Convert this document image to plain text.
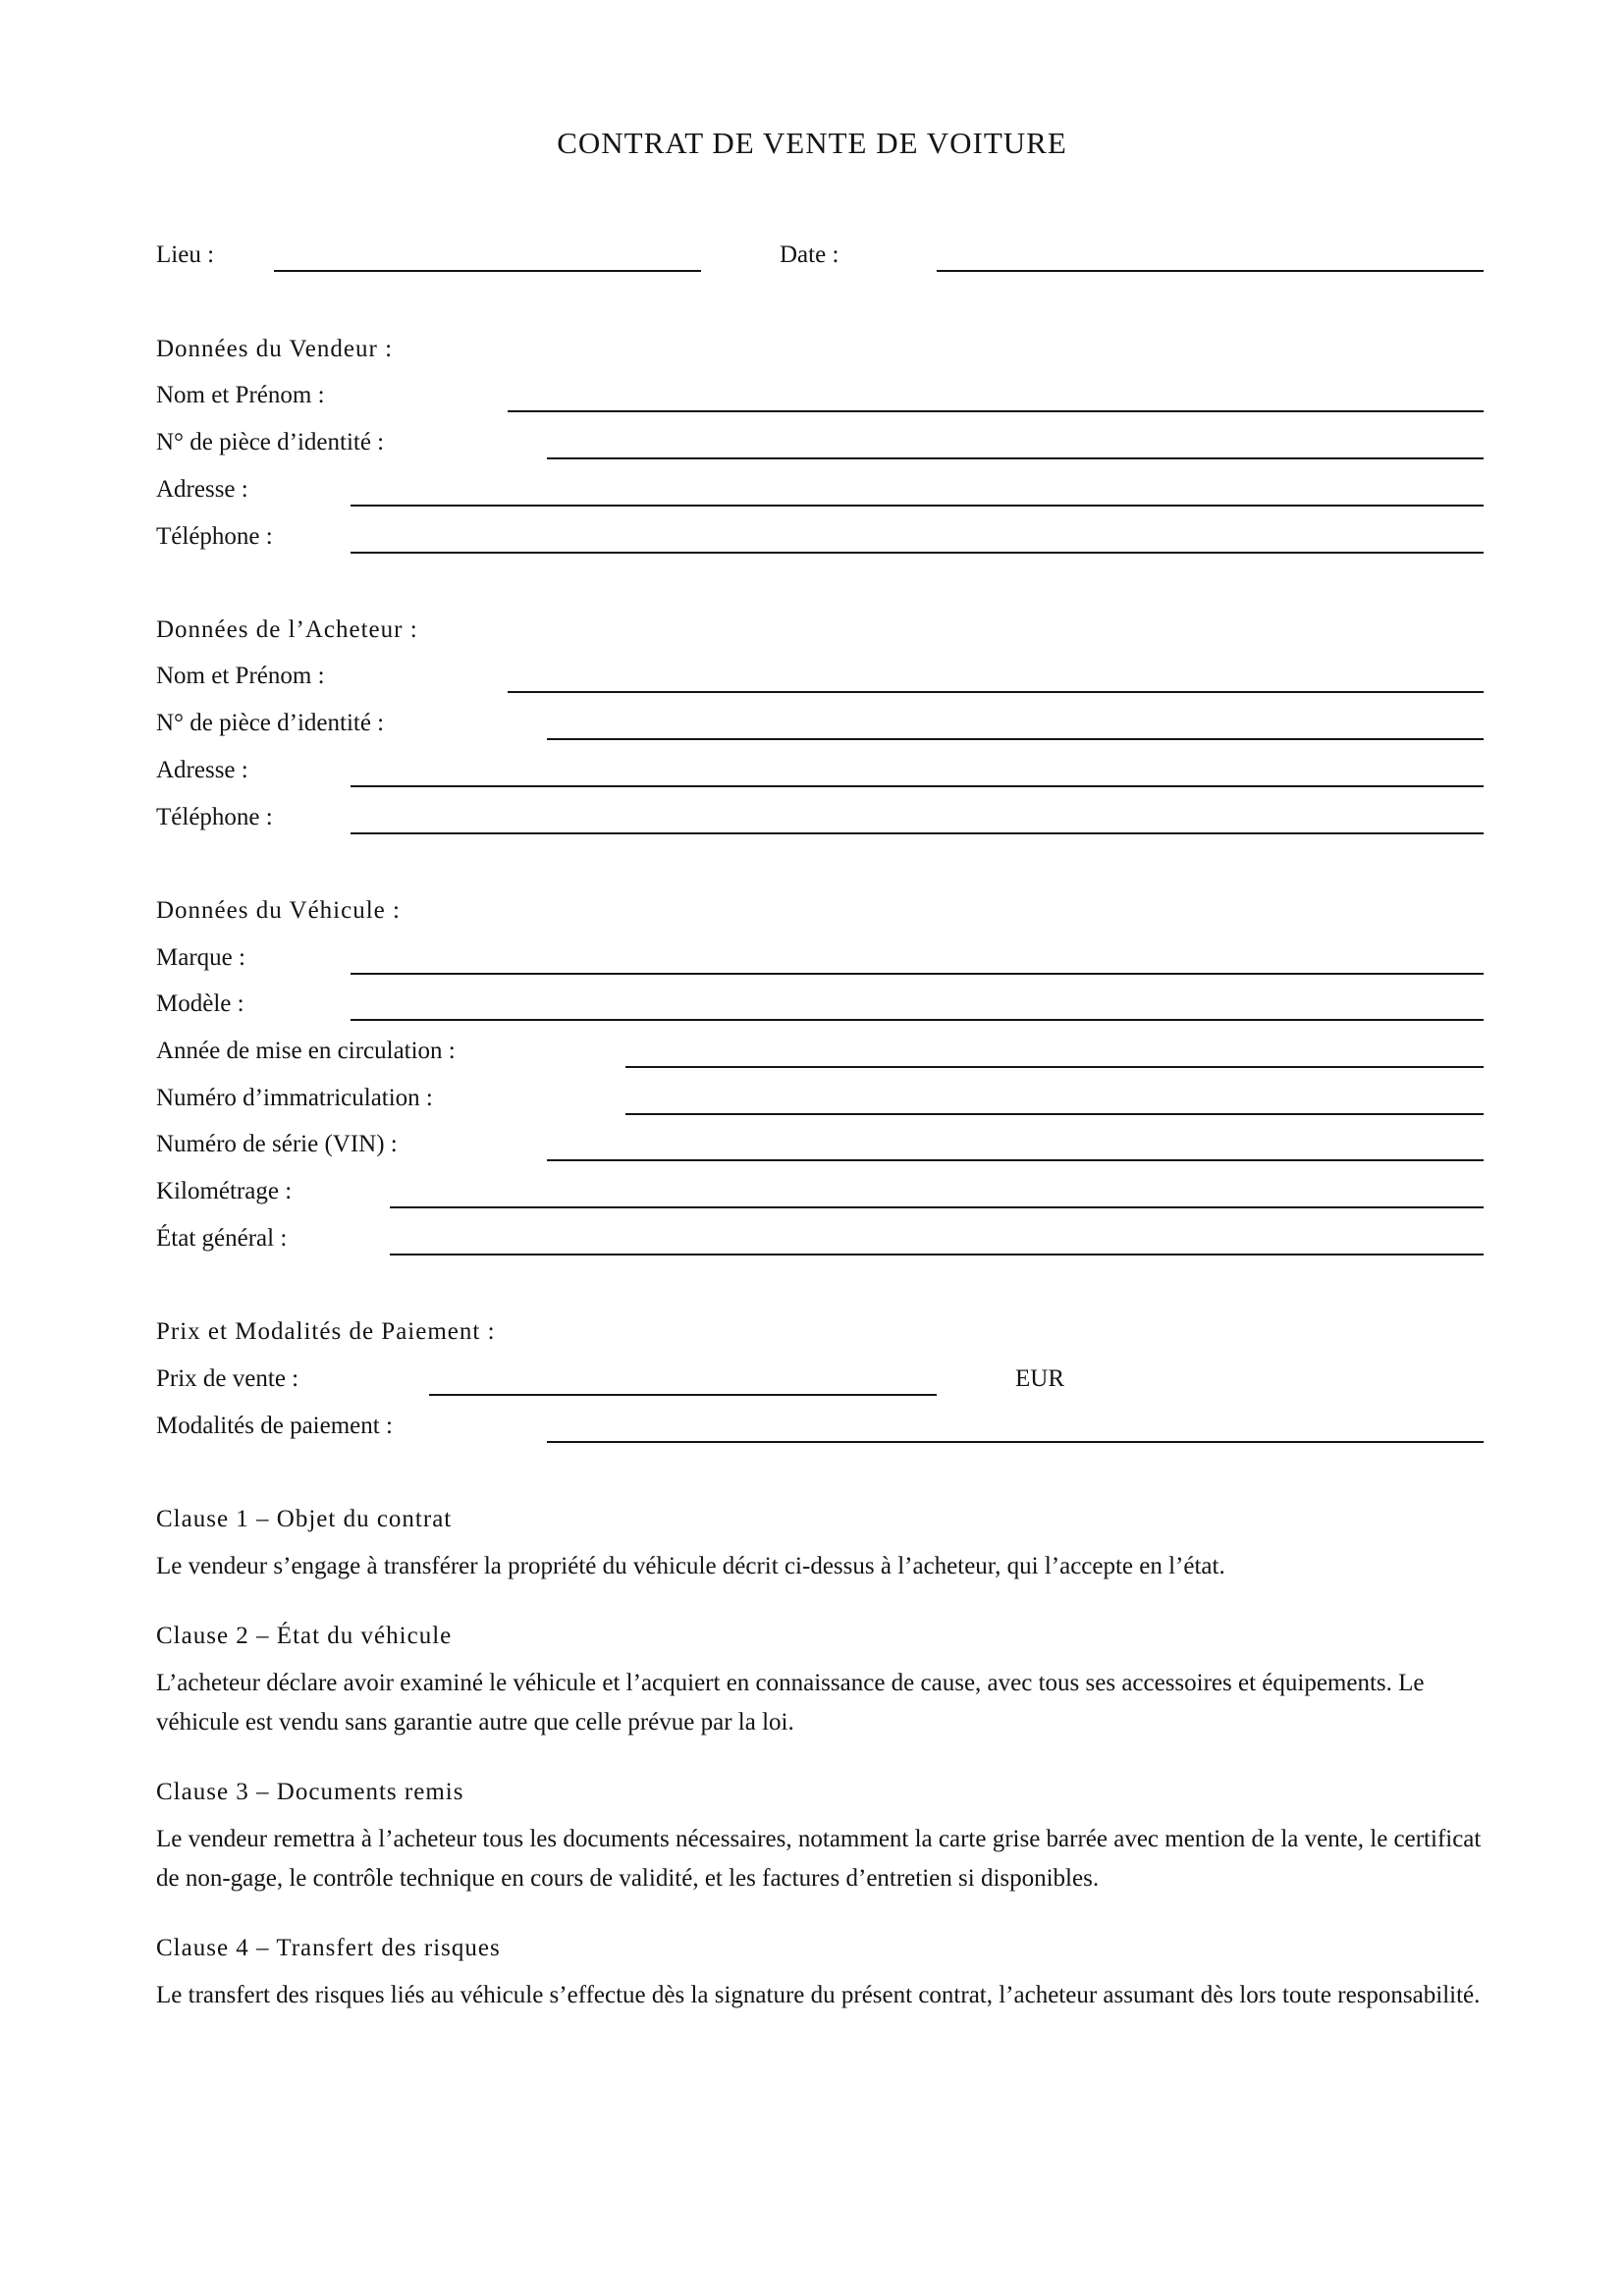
CONTRAT DE VENTE DE VOITURE
Lieu :	Date :
Données du Vendeur :
Nom et Prénom :
N° de pièce d’identité :
Adresse :
Téléphone :
Données de l’Acheteur :
Nom et Prénom :
N° de pièce d’identité :
Adresse :
Téléphone :
Données du Véhicule :
Marque :
Modèle :
Année de mise en circulation :
Numéro d’immatriculation :
Numéro de série (VIN) :
Kilométrage :
État général :
Prix et Modalités de Paiement :
Prix de vente :	EUR
Modalités de paiement :
Clause 1 – Objet du contrat
Le vendeur s’engage à transférer la propriété du véhicule décrit ci-dessus à l’acheteur, qui l’accepte en l’état.
Clause 2 – État du véhicule
L’acheteur déclare avoir examiné le véhicule et l’acquiert en connaissance de cause, avec tous ses accessoires et équipements. Le véhicule est vendu sans garantie autre que celle prévue par la loi.
Clause 3 – Documents remis
Le vendeur remettra à l’acheteur tous les documents nécessaires, notamment la carte grise barrée avec mention de la vente, le certificat de non-gage, le contrôle technique en cours de validité, et les factures d’entretien si disponibles.
Clause 4 – Transfert des risques
Le transfert des risques liés au véhicule s’effectue dès la signature du présent contrat, l’acheteur assumant dès lors toute responsabilité.
